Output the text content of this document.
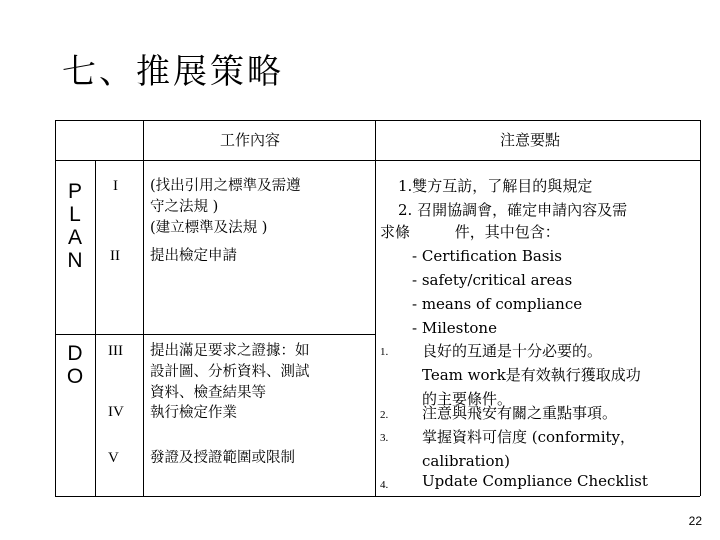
七、推展策略
工作內容	注意要點
P
L
A
N
D
O
I (找出引用之標準及需遵
守之法規 )
(建立標準及法規 )
II 提出檢定申請
III 提出滿足要求之證據：如
設計圖、分析資料、測試
資料、檢查結果等
IV 執行檢定作業
V 發證及授證範圍或限制
1.雙方互訪，了解目的與規定
2. 召開協調會，確定申請內容及需
求條 件，其中包含：
- Certification Basis
- safety/critical areas
- means of compliance
- Milestone
1. 良好的互通是十分必要的。
Team work是有效執行獲取成功
的主要條件。
2. 注意與飛安有關之重點事項。
3. 掌握資料可信度 (conformity，
calibration)
4. Update Compliance Checklist
22
